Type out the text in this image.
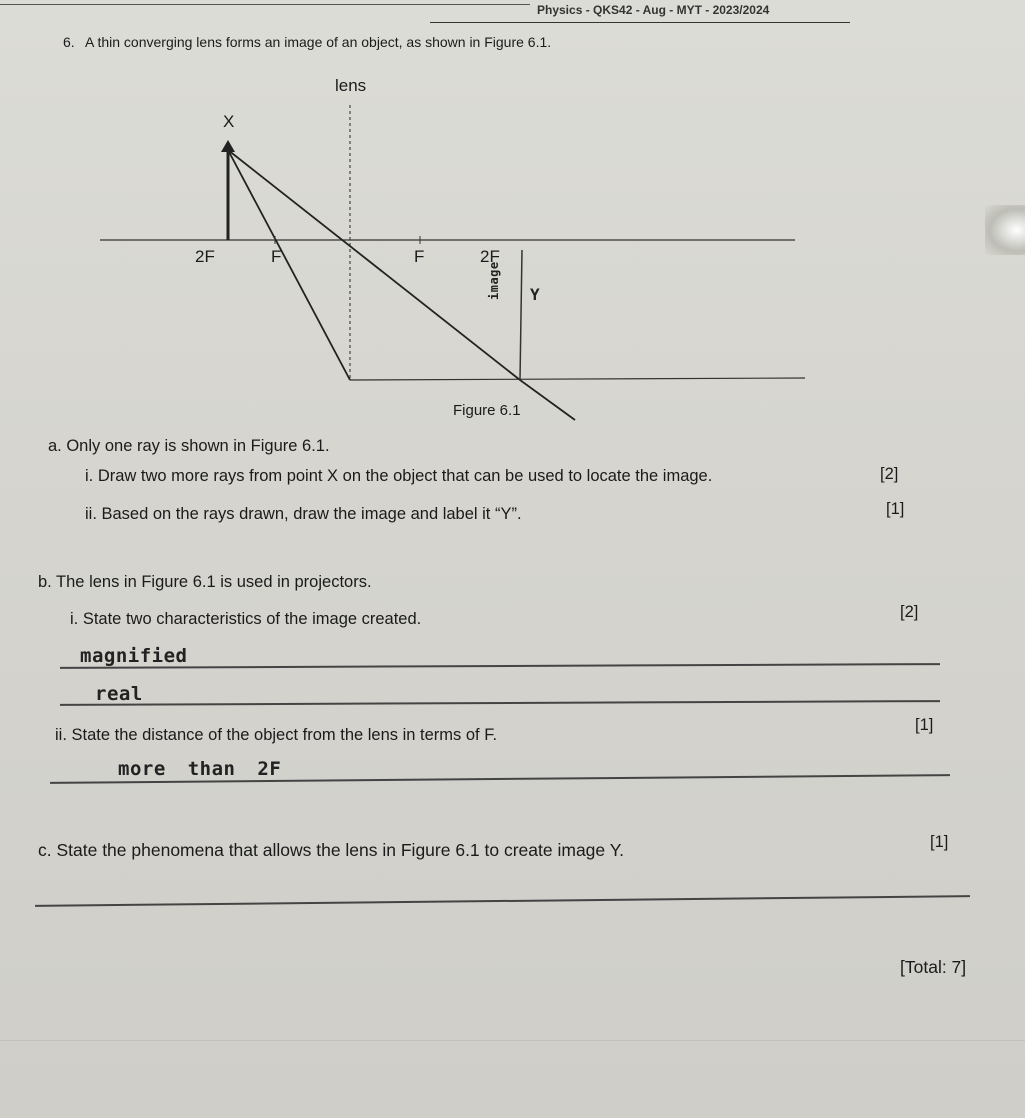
Physics - QKS42 - Aug - MYT - 2023/2024
6. A thin converging lens forms an image of an object, as shown in Figure 6.1.
lens
X
2F	F	F	2F
image Y
Figure 6.1
a. Only one ray is shown in Figure 6.1.
i. Draw two more rays from point X on the object that can be used to locate the image.	[2]
ii. Based on the rays drawn, draw the image and label it “Y”.	[1]
b. The lens in Figure 6.1 is used in projectors.
i. State two characteristics of the image created.	[2]
magnified
real
ii. State the distance of the object from the lens in terms of F.
[1]
more than 2F
c. State the phenomena that allows the lens in Figure 6.1 to create image Y.	[1]
[Total: 7]
